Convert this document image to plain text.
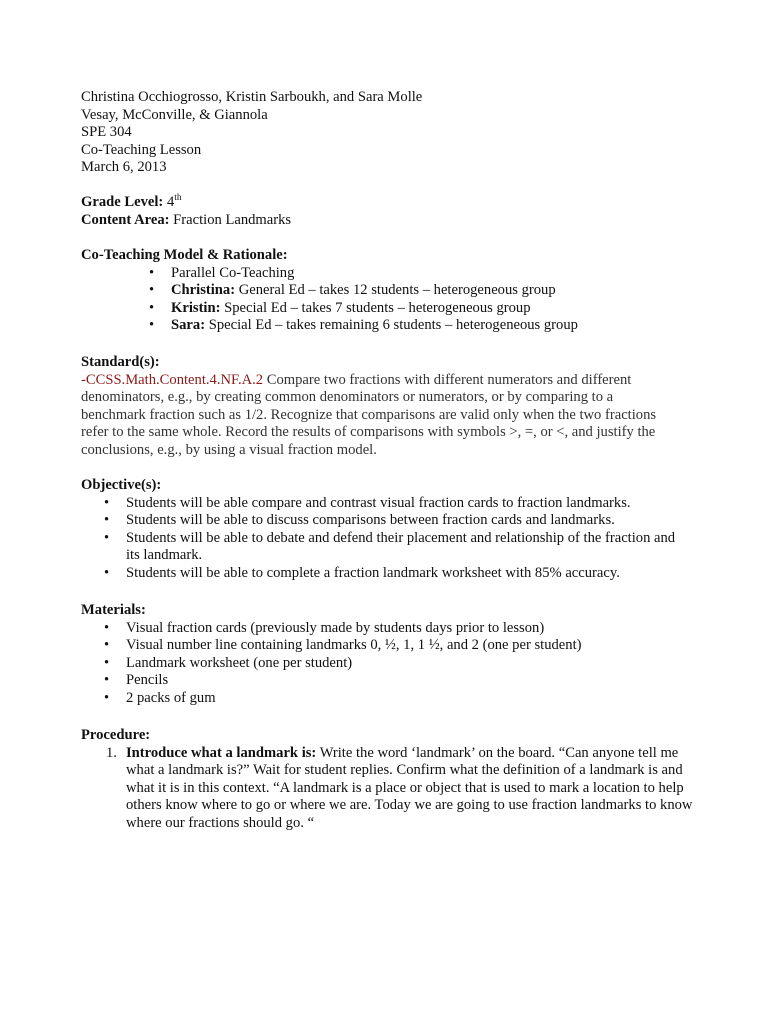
Christina Occhiogrosso, Kristin Sarboukh, and Sara Molle
Vesay, McConville, & Giannola
SPE 304
Co-Teaching Lesson
March 6, 2013
Grade Level: 4th
Content Area: Fraction Landmarks
Co-Teaching Model & Rationale:
• Parallel Co-Teaching
• Christina: General Ed – takes 12 students – heterogeneous group
• Kristin: Special Ed – takes 7 students – heterogeneous group
• Sara: Special Ed – takes remaining 6 students – heterogeneous group
Standard(s):
-CCSS.Math.Content.4.NF.A.2 Compare two fractions with different numerators and different denominators, e.g., by creating common denominators or numerators, or by comparing to a benchmark fraction such as 1/2. Recognize that comparisons are valid only when the two fractions refer to the same whole. Record the results of comparisons with symbols >, =, or <, and justify the conclusions, e.g., by using a visual fraction model.
Objective(s):
• Students will be able compare and contrast visual fraction cards to fraction landmarks.
• Students will be able to discuss comparisons between fraction cards and landmarks.
• Students will be able to debate and defend their placement and relationship of the fraction and its landmark.
• Students will be able to complete a fraction landmark worksheet with 85% accuracy.
Materials:
• Visual fraction cards (previously made by students days prior to lesson)
• Visual number line containing landmarks 0, ½, 1, 1 ½, and 2 (one per student)
• Landmark worksheet (one per student)
• Pencils
• 2 packs of gum
Procedure:
1. Introduce what a landmark is: Write the word ‘landmark’ on the board. “Can anyone tell me what a landmark is?” Wait for student replies. Confirm what the definition of a landmark is and what it is in this context. “A landmark is a place or object that is used to mark a location to help others know where to go or where we are. Today we are going to use fraction landmarks to know where our fractions should go. “
